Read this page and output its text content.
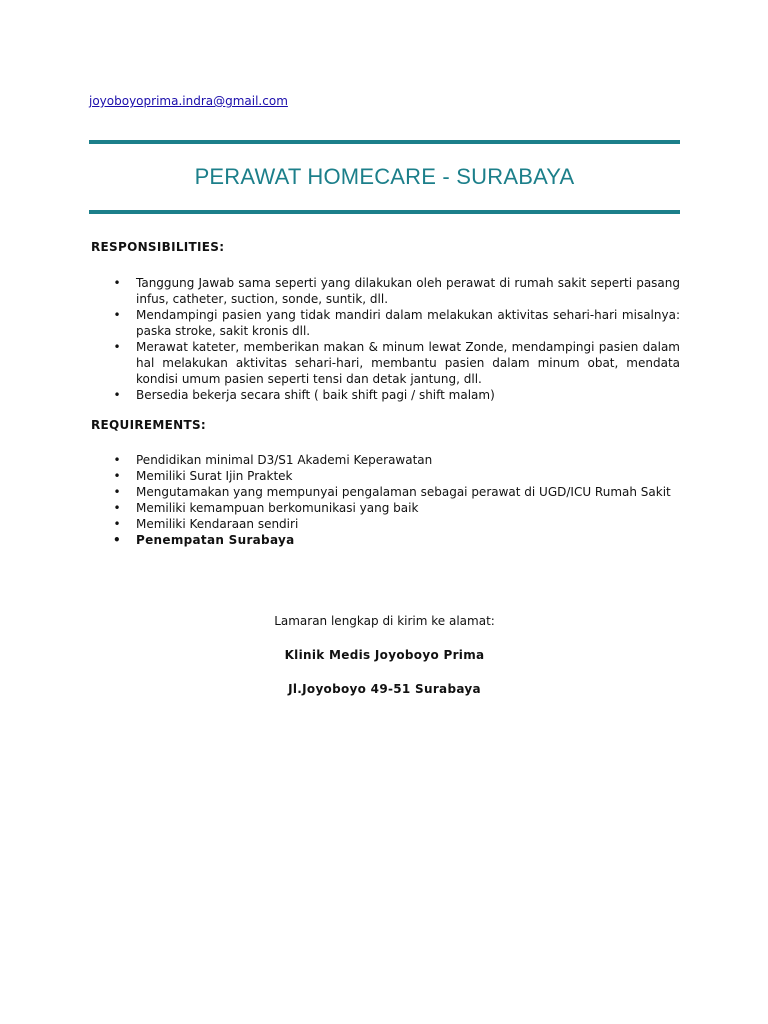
joyoboyoprima.indra@gmail.com
PERAWAT HOMECARE - SURABAYA
RESPONSIBILITIES:
• Tanggung Jawab sama seperti yang dilakukan oleh perawat di rumah sakit seperti pasang infus, catheter, suction, sonde, suntik, dll.
• Mendampingi pasien yang tidak mandiri dalam melakukan aktivitas sehari-hari misalnya: paska stroke, sakit kronis dll.
• Merawat kateter, memberikan makan & minum lewat Zonde, mendampingi pasien dalam hal melakukan aktivitas sehari-hari, membantu pasien dalam minum obat, mendata kondisi umum pasien seperti tensi dan detak jantung, dll.
• Bersedia bekerja secara shift ( baik shift pagi / shift malam)
REQUIREMENTS:
• Pendidikan minimal D3/S1 Akademi Keperawatan
• Memiliki Surat Ijin Praktek
• Mengutamakan yang mempunyai pengalaman sebagai perawat di UGD/ICU Rumah Sakit
• Memiliki kemampuan berkomunikasi yang baik
• Memiliki Kendaraan sendiri
• Penempatan Surabaya
Lamaran lengkap di kirim ke alamat:
Klinik Medis Joyoboyo Prima
Jl.Joyoboyo 49-51 Surabaya
